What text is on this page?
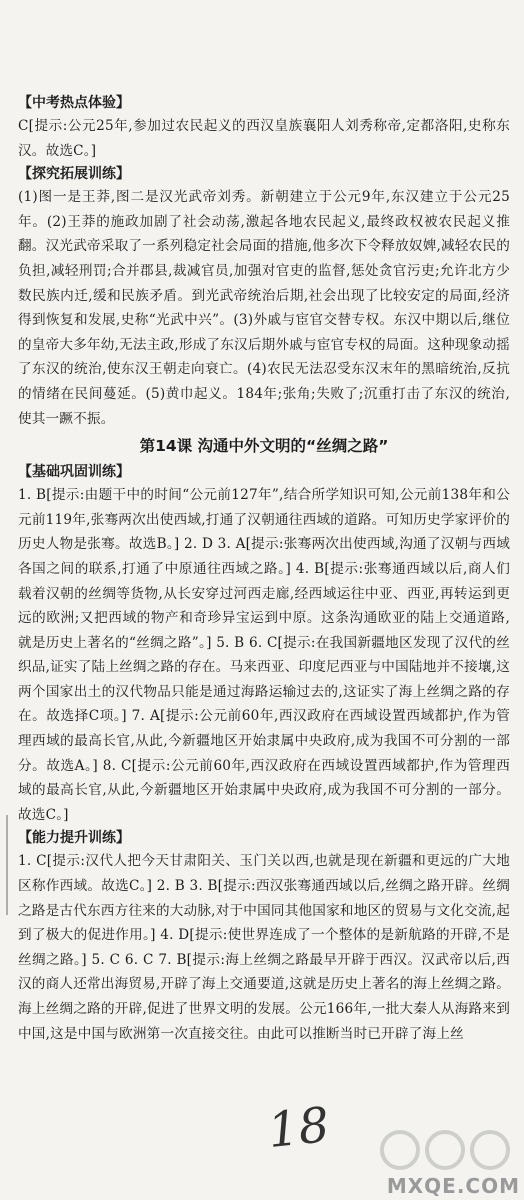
【中考热点体验】

C[提示:公元25年,参加过农民起义的西汉皇族襄阳人刘秀称帝,定都洛阳,史称东汉。故选C。]

【探究拓展训练】

(1)图一是王莽,图二是汉光武帝刘秀。新朝建立于公元9年,东汉建立于公元25年。(2)王莽的施政加剧了社会动荡,激起各地农民起义,最终政权被农民起义推翻。汉光武帝采取了一系列稳定社会局面的措施,他多次下令释放奴婢,减轻农民的负担,减轻刑罚;合并郡县,裁减官员,加强对官吏的监督,惩处贪官污吏;允许北方少数民族内迁,缓和民族矛盾。到光武帝统治后期,社会出现了比较安定的局面,经济得到恢复和发展,史称“光武中兴”。(3)外戚与宦官交替专权。东汉中期以后,继位的皇帝大多年幼,无法主政,形成了东汉后期外戚与宦官专权的局面。这种现象动摇了东汉的统治,使东汉王朝走向衰亡。(4)农民无法忍受东汉末年的黑暗统治,反抗的情绪在民间蔓延。(5)黄巾起义。184年;张角;失败了;沉重打击了东汉的统治,使其一蹶不振。

第14课 沟通中外文明的“丝绸之路”

【基础巩固训练】

1. B[提示:由题干中的时间“公元前127年”,结合所学知识可知,公元前138年和公元前119年,张骞两次出使西域,打通了汉朝通往西域的道路。可知历史学家评价的历史人物是张骞。故选B。] 2. D 3. A[提示:张骞两次出使西域,沟通了汉朝与西域各国之间的联系,打通了中原通往西域之路。] 4. B[提示:张骞通西域以后,商人们载着汉朝的丝绸等货物,从长安穿过河西走廊,经西域运往中亚、西亚,再转运到更远的欧洲;又把西域的物产和奇珍异宝运到中原。这条沟通欧亚的陆上交通道路,就是历史上著名的“丝绸之路”。] 5. B 6. C[提示:在我国新疆地区发现了汉代的丝织品,证实了陆上丝绸之路的存在。马来西亚、印度尼西亚与中国陆地并不接壤,这两个国家出土的汉代物品只能是通过海路运输过去的,这证实了海上丝绸之路的存在。故选择C项。] 7. A[提示:公元前60年,西汉政府在西域设置西域都护,作为管理西域的最高长官,从此,今新疆地区开始隶属中央政府,成为我国不可分割的一部分。故选A。] 8. C[提示:公元前60年,西汉政府在西域设置西域都护,作为管理西域的最高长官,从此,今新疆地区开始隶属中央政府,成为我国不可分割的一部分。故选C。]

【能力提升训练】

1. C[提示:汉代人把今天甘肃阳关、玉门关以西,也就是现在新疆和更远的广大地区称作西域。故选C。] 2. B 3. B[提示:西汉张骞通西域以后,丝绸之路开辟。丝绸之路是古代东西方往来的大动脉,对于中国同其他国家和地区的贸易与文化交流,起到了极大的促进作用。] 4. D[提示:使世界连成了一个整体的是新航路的开辟,不是丝绸之路。] 5. C 6. C 7. B[提示:海上丝绸之路最早开辟于西汉。汉武帝以后,西汉的商人还常出海贸易,开辟了海上交通要道,这就是历史上著名的海上丝绸之路。海上丝绸之路的开辟,促进了世界文明的发展。公元166年,一批大秦人从海路来到中国,这是中国与欧洲第一次直接交往。由此可以推断当时已开辟了海上丝

18
MXQE.COM
